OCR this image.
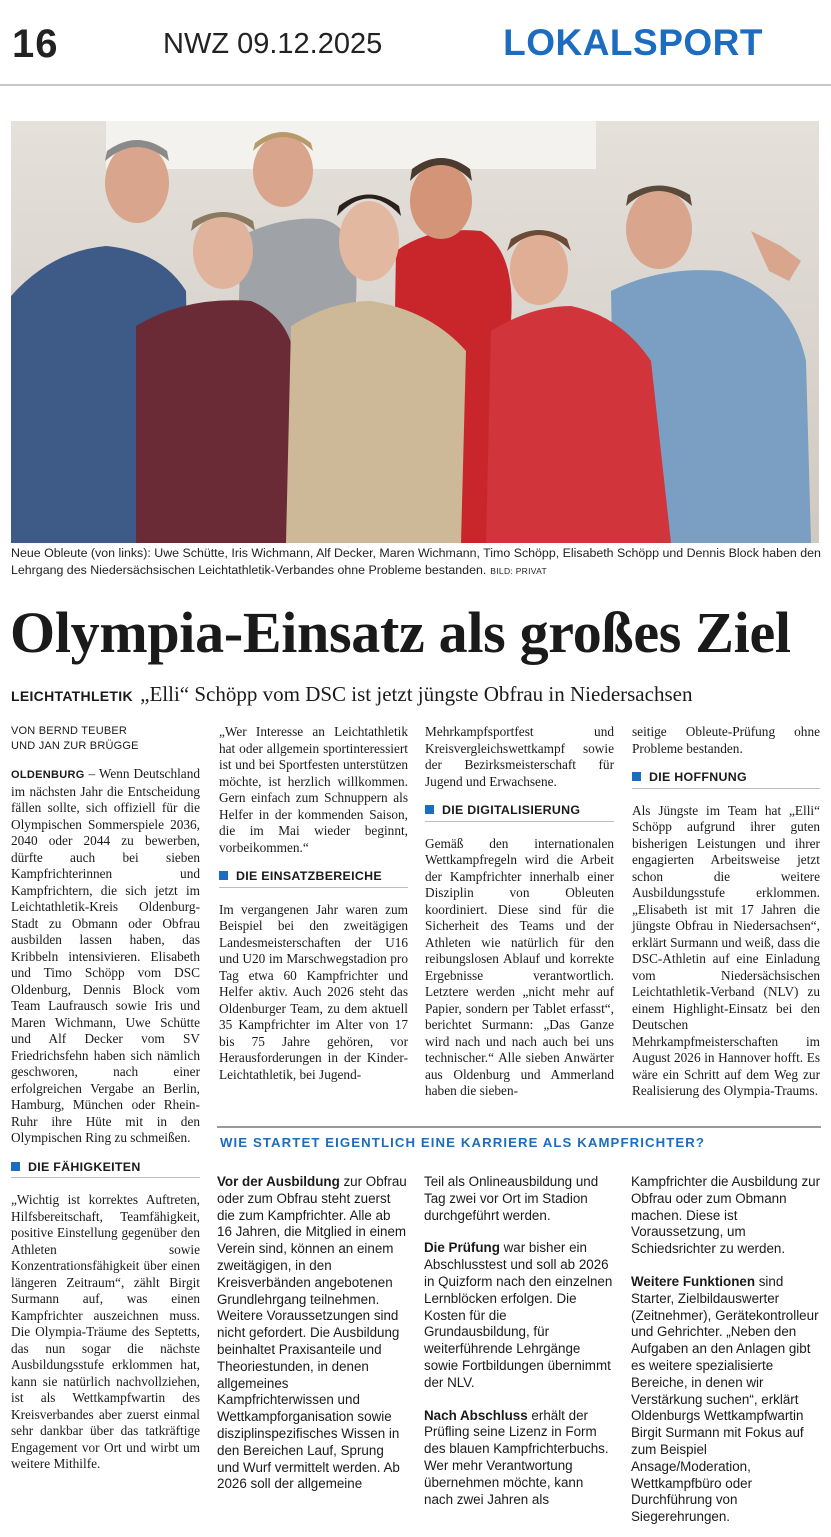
16	NWZ 09.12.2025	LOKALSPORT
Neue Obleute (von links): Uwe Schütte, Iris Wichmann, Alf Decker, Maren Wichmann, Timo Schöpp, Elisabeth Schöpp und Dennis Block haben den Lehrgang des Niedersächsischen Leichtathletik-Verbandes ohne Probleme bestanden. BILD: PRIVAT
Olympia-Einsatz als großes Ziel
LEICHTATHLETIK „Elli“ Schöpp vom DSC ist jetzt jüngste Obfrau in Niedersachsen

VON BERND TEUBER
UND JAN ZUR BRÜGGE

OLDENBURG – Wenn Deutschland im nächsten Jahr die Entscheidung fällen sollte, sich offiziell für die Olympischen Sommerspiele 2036, 2040 oder 2044 zu bewerben, dürfte auch bei sieben Kampfrichterinnen und Kampfrichtern, die sich jetzt im Leichtathletik-Kreis Oldenburg-Stadt zu Obmann oder Obfrau ausbilden lassen haben, das Kribbeln intensivieren. Elisabeth und Timo Schöpp vom DSC Oldenburg, Dennis Block vom Team Laufrausch sowie Iris und Maren Wichmann, Uwe Schütte und Alf Decker vom SV Friedrichsfehn haben sich nämlich geschworen, nach einer erfolgreichen Vergabe an Berlin, Hamburg, München oder Rhein-Ruhr ihre Hüte mit in den Olympischen Ring zu schmeißen.

DIE FÄHIGKEITEN

„Wichtig ist korrektes Auftreten, Hilfsbereitschaft, Teamfähigkeit, positive Einstellung gegenüber den Athleten sowie Konzentrationsfähigkeit über einen längeren Zeitraum“, zählt Birgit Surmann auf, was einen Kampfrichter auszeichnen muss. Die Olympia-Träume des Septetts, das nun sogar die nächste Ausbildungsstufe erklommen hat, kann sie natürlich nachvollziehen, ist als Wettkampfwartin des Kreisverbandes aber zuerst einmal sehr dankbar über das tatkräftige Engagement vor Ort und wirbt um weitere Mithilfe.

„Wer Interesse an Leichtathletik hat oder allgemein sportinteressiert ist und bei Sportfesten unterstützen möchte, ist herzlich willkommen. Gern einfach zum Schnuppern als Helfer in der kommenden Saison, die im Mai wieder beginnt, vorbeikommen.“

DIE EINSATZBEREICHE

Im vergangenen Jahr waren zum Beispiel bei den zweitägigen Landesmeisterschaften der U16 und U20 im Marschwegstadion pro Tag etwa 60 Kampfrichter und Helfer aktiv. Auch 2026 steht das Oldenburger Team, zu dem aktuell 35 Kampfrichter im Alter von 17 bis 75 Jahre gehören, vor Herausforderungen in der Kinder-Leichtathletik, bei Jugend-

Mehrkampfsportfest und Kreisvergleichswettkampf sowie der Bezirksmeisterschaft für Jugend und Erwachsene.

DIE DIGITALISIERUNG

Gemäß den internationalen Wettkampfregeln wird die Arbeit der Kampfrichter innerhalb einer Disziplin von Obleuten koordiniert. Diese sind für die Sicherheit des Teams und der Athleten wie natürlich für den reibungslosen Ablauf und korrekte Ergebnisse verantwortlich. Letztere werden „nicht mehr auf Papier, sondern per Tablet erfasst“, berichtet Surmann: „Das Ganze wird nach und nach auch bei uns technischer.“ Alle sieben Anwärter aus Oldenburg und Ammerland haben die sieben-

seitige Obleute-Prüfung ohne Probleme bestanden.

DIE HOFFNUNG

Als Jüngste im Team hat „Elli“ Schöpp aufgrund ihrer guten bisherigen Leistungen und ihrer engagierten Arbeitsweise jetzt schon die weitere Ausbildungsstufe erklommen. „Elisabeth ist mit 17 Jahren die jüngste Obfrau in Niedersachsen“, erklärt Surmann und weiß, dass die DSC-Athletin auf eine Einladung vom Niedersächsischen Leichtathletik-Verband (NLV) zu einem Highlight-Einsatz bei den Deutschen Mehrkampfmeisterschaften im August 2026 in Hannover hofft. Es wäre ein Schritt auf dem Weg zur Realisierung des Olympia-Traums.

WIE STARTET EIGENTLICH EINE KARRIERE ALS KAMPFRICHTER?

Vor der Ausbildung zur Obfrau oder zum Obfrau steht zuerst die zum Kampfrichter. Alle ab 16 Jahren, die Mitglied in einem Verein sind, können an einem zweitägigen, in den Kreisverbänden angebotenen Grundlehrgang teilnehmen. Weitere Voraussetzungen sind nicht gefordert. Die Ausbildung beinhaltet Praxisanteile und Theoriestunden, in denen allgemeines Kampfrichterwissen und Wettkampforganisation sowie disziplinspezifisches Wissen in den Bereichen Lauf, Sprung und Wurf vermittelt werden. Ab 2026 soll der allgemeine

Teil als Onlineausbildung und Tag zwei vor Ort im Stadion durchgeführt werden.

Die Prüfung war bisher ein Abschlusstest und soll ab 2026 in Quizform nach den einzelnen Lernblöcken erfolgen. Die Kosten für die Grundausbildung, für weiterführende Lehrgänge sowie Fortbildungen übernimmt der NLV.

Nach Abschluss erhält der Prüfling seine Lizenz in Form des blauen Kampfrichterbuchs. Wer mehr Verantwortung übernehmen möchte, kann nach zwei Jahren als

Kampfrichter die Ausbildung zur Obfrau oder zum Obmann machen. Diese ist Voraussetzung, um Schiedsrichter zu werden.

Weitere Funktionen sind Starter, Zielbildauswerter (Zeitnehmer), Gerätekontrolleur und Gehrichter. „Neben den Aufgaben an den Anlagen gibt es weitere spezialisierte Bereiche, in denen wir Verstärkung suchen“, erklärt Oldenburgs Wettkampfwartin Birgit Surmann mit Fokus auf zum Beispiel Ansage/Moderation, Wettkampfbüro oder Durchführung von Siegerehrungen.
